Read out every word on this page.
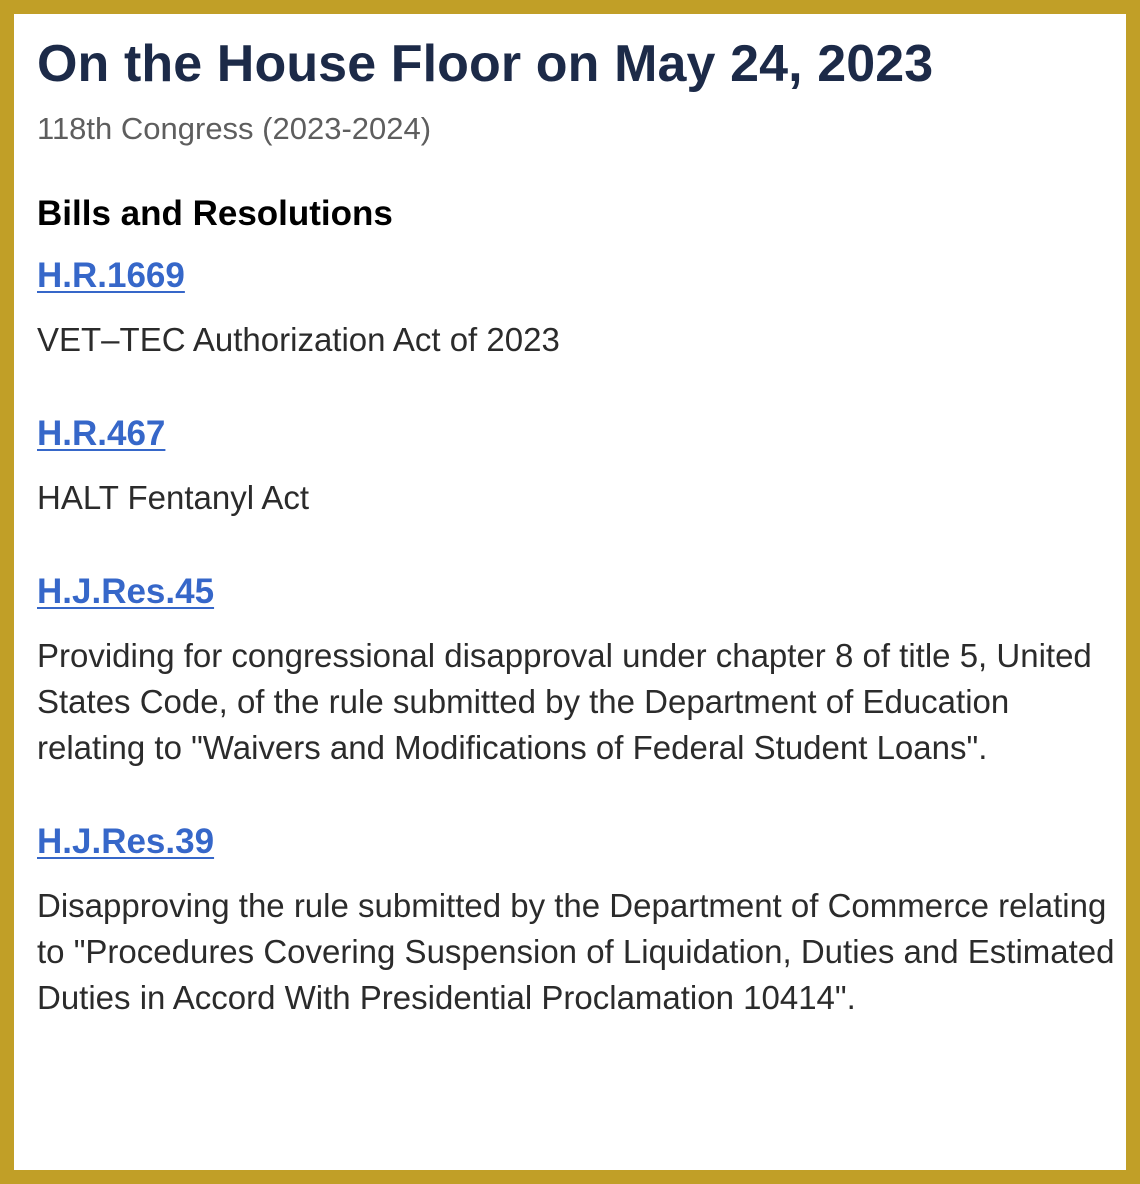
On the House Floor on May 24, 2023
118th Congress (2023-2024)
Bills and Resolutions
H.R.1669
VET–TEC Authorization Act of 2023
H.R.467
HALT Fentanyl Act
H.J.Res.45
Providing for congressional disapproval under chapter 8 of title 5, United States Code, of the rule submitted by the Department of Education relating to "Waivers and Modifications of Federal Student Loans".
H.J.Res.39
Disapproving the rule submitted by the Department of Commerce relating to "Procedures Covering Suspension of Liquidation, Duties and Estimated Duties in Accord With Presidential Proclamation 10414".
